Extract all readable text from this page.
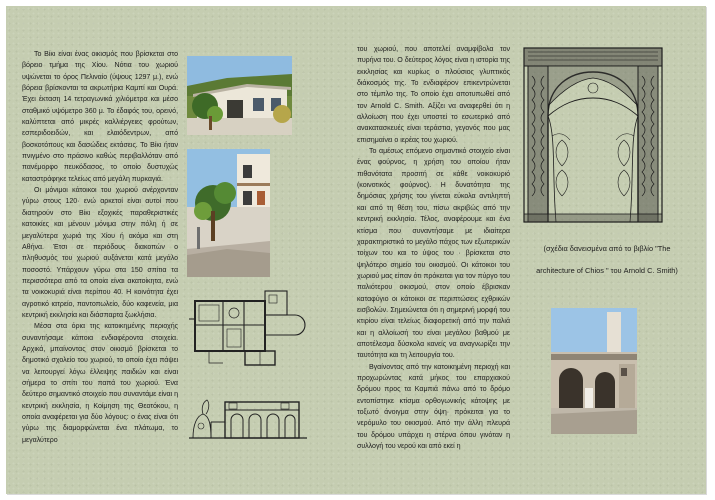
Το Βίκι είναι ένας οικισμός που βρίσκεται στο βόρειο τμήμα της Χίου. Νότια του χωριού υψώνεται το όρος Πελιναίο (ύψους 1297 μ.), ενώ βόρεια βρίσκονται τα ακρωτήρια Καμπί και Ουρά. Έχει έκταση 14 τετραγωνικά χιλιόμετρα και μέσο σταθμικό υψόμετρο 360 μ. Το έδαφός του, ορεινό, καλύπτεται από μικρές καλλιέργειες φρούτων, εσπεριδοειδών, και ελαιόδεντρων, από βοσκοτόπους και δασώδεις εκτάσεις. Το Βίκι ήταν πνιγμένο στο πράσινο καθώς περιβαλλόταν από πανέμορφο πευκόδασος, το οποίο δυστυχώς καταστράφηκε τελείως από μεγάλη πυρκαγιά.

Οι μόνιμοι κάτοικοι του χωριού ανέρχονταν γύρω στους 120· ενώ αρκετοί είναι αυτοί που διατηρούν στο Βίκι εξοχικές παραθεριστικές κατοικίες και μένουν μόνιμα στην πόλη ή σε μεγαλύτερα χωριά της Χίου ή ακόμα και στη Αθήνα. Έτσι σε περιόδους διακοπών ο πληθυσμός του χωριού αυξάνεται κατά μεγάλο ποσοστό. Υπάρχουν γύρω στα 150 σπίτια τα περισσότερα από τα οποία είναι ακατοίκητα, ενώ τα νοικοκυριά είναι περίπου 40. Η κοινότητα έχει αγροτικό ιατρείο, παντοπωλείο, δύο καφενεία, μια κεντρική εκκλησία και διάσπαρτα ξωκλήσια.

Μέσα στα όρια της κατοικημένης περιοχής συναντήσαμε κάποια ενδιαφέροντα στοιχεία. Αρχικά, μπαίνοντας στον οικισμό βρίσκεται το δημοτικό σχολείο του χωριού, το οποίο έχει πάψει να λειτουργεί λόγω έλλειψης παιδιών και είναι σήμερα το σπίτι του παπά του χωριού. Ένα δεύτερο σημαντικό στοιχείο που συναντάμε είναι η κεντρική εκκλησία, η Κοίμηση της Θεοτόκου, η οποία αναφέρεται για δύο λόγους: ο ένας είναι ότι γύρω της διαμορφώνεται ένα πλάτωμα, το μεγαλύτερο

του χωριού, που αποτελεί αναμφίβολα τον πυρήνα του. Ο δεύτερος λόγος είναι η ιστορία της εκκλησίας και κυρίως ο πλούσιος γλυπτικός διάκοσμός της. Το ενδιαφέρον επικεντρώνεται στο τέμπλο της. Το οποίο έχει αποτυπωθεί από τον Arnold C. Smith. Αξίζει να αναφερθεί ότι η αλλοίωση που έχει υποστεί το εσωτερικό από ανακατασκευές είναι τεράστια, γεγονός που μας επισημαίνει ο ιερέας του χωριού.

Το αμέσως επόμενο σημαντικό στοιχείο είναι ένας φούρνος, η χρήση του οποίου ήταν πιθανότατα προσιτή σε κάθε νοικοκυριό (κοινοτικός φούρνος). Η δυνατότητα της δημόσιας χρήσης του γίνεται εύκολα αντιληπτή και από τη θέση του, πίσω ακριβώς από την κεντρική εκκλησία. Τέλος, αναφέρουμε και ένα κτίσμα που συναντήσαμε με ιδιαίτερα χαρακτηριστικά το μεγάλο πάχος των εξωτερικών τοίχων του και το ύψος του · βρίσκεται στο ψηλότερο σημείο του οικισμού. Οι κάτοικοι του χωριού μας είπαν ότι πρόκειται για τον πύργο του παλιότερου οικισμού, στον οποίο έβρισκαν καταφύγιο οι κάτοικοι σε περιπτώσεις εχθρικών εισβολών. Σημειώνεται ότι η σημερινή μορφή του κτιρίου είναι τελείως διαφορετική από την παλιά και η αλλοίωσή του είναι μεγάλου βαθμού με αποτέλεσμα δύσκολα κανείς να αναγνωρίζει την ταυτότητα και τη λειτουργία του.

Βγαίνοντας από την κατοικημένη περιοχή και προχωρώντας κατά μήκος του επαρχιακού δρόμου προς τα Καμπιά πάνω από το δρόμο εντοπίστηκε κτίσμα ορθογωνικής κάτοψης με τοξωτό άνοιγμα στην όψη· πρόκειται για το νερόμυλο του οικισμού. Από την άλλη πλευρά του δρόμου υπάρχει η στέρνα όπου γινόταν η συλλογή του νερού και από εκεί η

(σχέδια δανεισμένα από το βιβλίο "The
architecture of Chios " του Arnold C. Smith)
